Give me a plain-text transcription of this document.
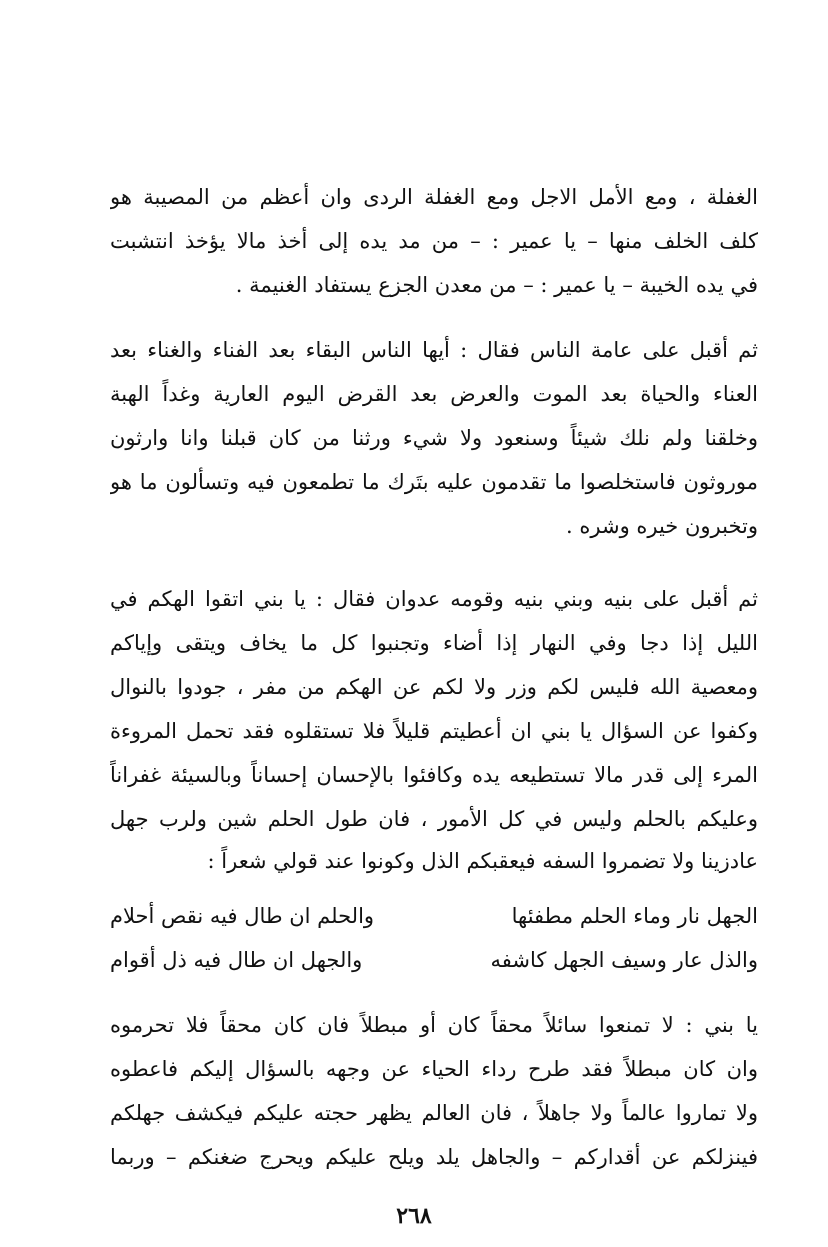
الغفلة ، ومع الأمل الاجل ومع الغفلة الردى وان أعظم من المصيبة هو
كلف الخلف منها – يا عمير : – من مد يده إلى أخذ مالا يؤخذ انتشبت
في يده الخيبة – يا عمير : – من معدن الجزع يستفاد الغنيمة .
ثم أقبل على عامة الناس فقال : أيها الناس البقاء بعد الفناء والغناء بعد
العناء والحياة بعد الموت والعرض بعد القرض اليوم العارية وغداً الهبة
وخلقنا ولم نلك شيئاً وسنعود ولا شيء ورثنا من كان قبلنا وانا وارثون
موروثون فاستخلصوا ما تقدمون عليه بتَرك ما تطمعون فيه وتسألون ما هو
وتخبرون خيره وشره .
ثم أقبل على بنيه وبني بنيه وقومه عدوان فقال : يا بني اتقوا الهكم في
الليل إذا دجا وفي النهار إذا أضاء وتجنبوا كل ما يخاف ويتقى وإياكم
ومعصية الله فليس لكم وزر ولا لكم عن الهكم من مفر ، جودوا بالنوال
وكفوا عن السؤال يا بني ان أعطيتم قليلاً فلا تستقلوه فقد تحمل المروءة
المرء إلى قدر مالا تستطيعه يده وكافئوا بالإحسان إحساناً وبالسيئة غفراناً
وعليكم بالحلم وليس في كل الأمور ، فان طول الحلم شين ولرب جهل
عادزينا ولا تضمروا السفه فيعقبكم الذل وكونوا عند قولي شعراً :
الجهل نار وماء الحلم مطفئها
والحلم ان طال فيه نقص أحلام
والذل عار وسيف الجهل كاشفه
والجهل ان طال فيه ذل أقوام
يا بني : لا تمنعوا سائلاً محقاً كان أو مبطلاً فان كان محقاً فلا تحرموه
وان كان مبطلاً فقد طرح رداء الحياء عن وجهه بالسؤال إليكم فاعطوه
ولا تماروا عالماً ولا جاهلاً ، فان العالم يظهر حجته عليكم فيكشف جهلكم
فينزلكم عن أقداركم – والجاهل يلد ويلح عليكم ويحرج ضغنكم – وربما
٢٦٨
